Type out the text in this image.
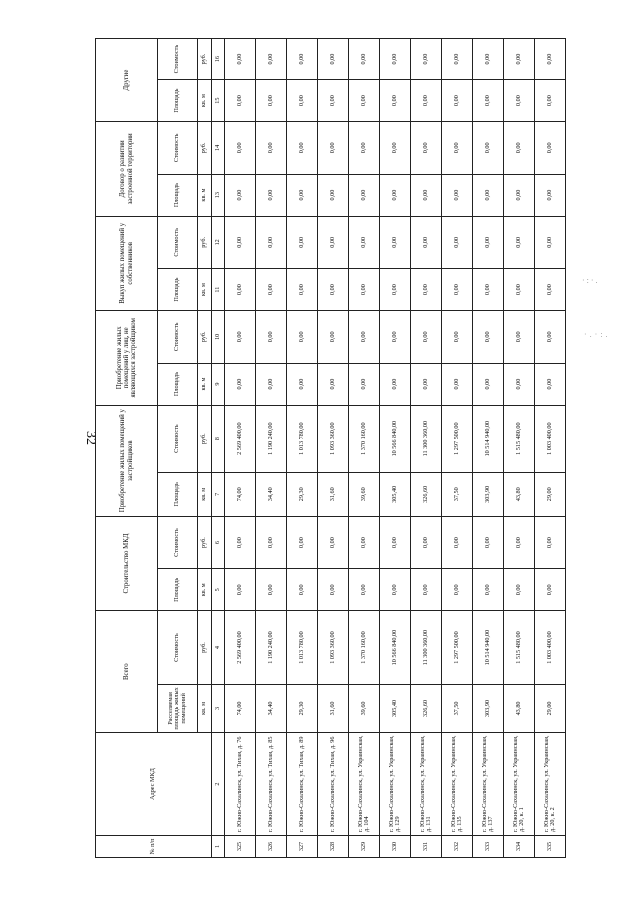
32
·:·.
·.·:.
№ п/п	Адрес МКД	Всего		Строительство МКД		Приобретение жилых помещений у застройщиков		Приобретение жилых помещений у лиц, не являющихся застройщиком		Выкуп жилых помещений у собственников		Договор о развитии застроенной территории		Другие	
		Расселяемая площадь жилых помещений	Стоимость	Площадь	Стоимость	Площадь	Стоимость	Площадь	Стоимость	Площадь	Стоимость	Площадь	Стоимость	Площадь	Стоимость
		кв. м	руб.	кв. м	руб.	кв. м	руб.	кв. м	руб.	кв. м	руб.	кв. м	руб.	кв. м	руб.
1	2	3	4	5	6	7	8	9	10	11	12	13	14	15	16
325	г. Южно-Сахалинск, ул. Тихая, д. 76	74,00	2 569 400,00	0,00	0,00	74,00	2 569 400,00	0,00	0,00	0,00	0,00	0,00	0,00	0,00	0,00
326	г. Южно-Сахалинск, ул. Тихая, д. 85	34,40	1 190 240,00	0,00	0,00	34,40	1 190 240,00	0,00	0,00	0,00	0,00	0,00	0,00	0,00	0,00
327	г. Южно-Сахалинск, ул. Тихая, д. 89	29,30	1 013 780,00	0,00	0,00	29,30	1 013 780,00	0,00	0,00	0,00	0,00	0,00	0,00	0,00	0,00
328	г. Южно-Сахалинск, ул. Тихая, д. 96	31,60	1 093 360,00	0,00	0,00	31,60	1 093 360,00	0,00	0,00	0,00	0,00	0,00	0,00	0,00	0,00
329	г. Южно-Сахалинск, ул. Украинская, д. 104	39,60	1 370 160,00	0,00	0,00	39,60	1 370 160,00	0,00	0,00	0,00	0,00	0,00	0,00	0,00	0,00
330	г. Южно-Сахалинск, ул. Украинская, д. 129	305,40	10 566 840,00	0,00	0,00	305,40	10 566 840,00	0,00	0,00	0,00	0,00	0,00	0,00	0,00	0,00
331	г. Южно-Сахалинск, ул. Украинская, д. 131	326,60	11 300 360,00	0,00	0,00	326,60	11 300 360,00	0,00	0,00	0,00	0,00	0,00	0,00	0,00	0,00
332	г. Южно-Сахалинск, ул. Украинская, д. 135	37,50	1 297 500,00	0,00	0,00	37,50	1 297 500,00	0,00	0,00	0,00	0,00	0,00	0,00	0,00	0,00
333	г. Южно-Сахалинск, ул. Украинская, д. 137	303,90	10 514 940,00	0,00	0,00	303,90	10 514 940,00	0,00	0,00	0,00	0,00	0,00	0,00	0,00	0,00
334	г. Южно-Сахалинск, ул. Украинская, д. 20, к. 1	43,80	1 515 480,00	0,00	0,00	43,80	1 515 480,00	0,00	0,00	0,00	0,00	0,00	0,00	0,00	0,00
335	г. Южно-Сахалинск, ул. Украинская, д. 20, к. 2	29,00	1 003 400,00	0,00	0,00	29,00	1 003 400,00	0,00	0,00	0,00	0,00	0,00	0,00	0,00	0,00
